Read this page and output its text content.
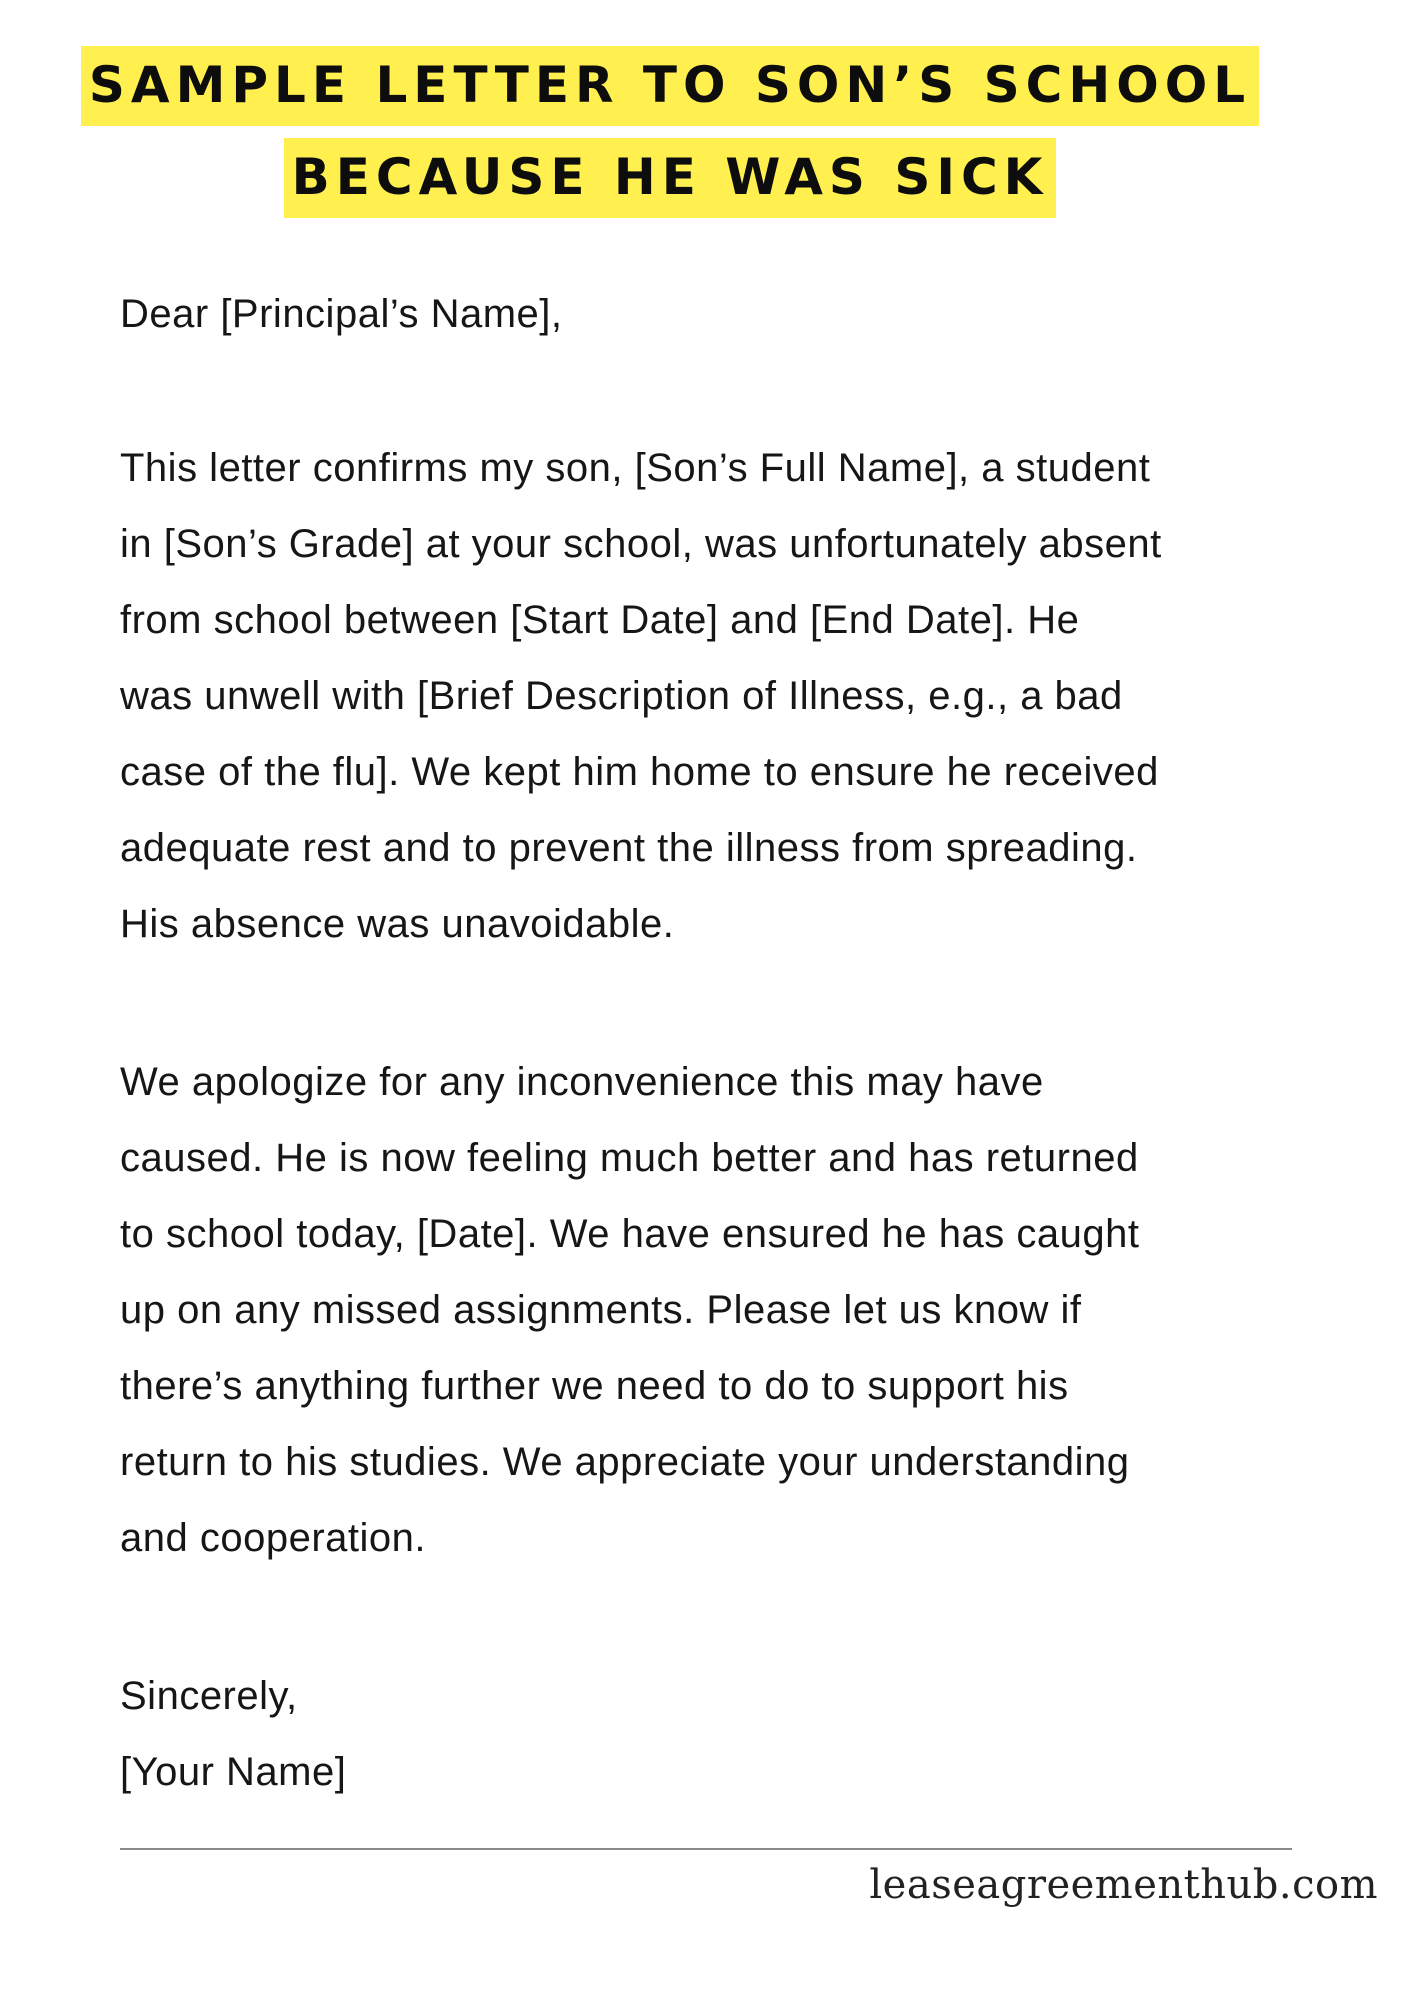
SAMPLE LETTER TO SON’S SCHOOL
BECAUSE HE WAS SICK

Dear [Principal’s Name],

This letter confirms my son, [Son’s Full Name], a student
in [Son’s Grade] at your school, was unfortunately absent
from school between [Start Date] and [End Date]. He
was unwell with [Brief Description of Illness, e.g., a bad
case of the flu]. We kept him home to ensure he received
adequate rest and to prevent the illness from spreading.
His absence was unavoidable.
We apologize for any inconvenience this may have
caused. He is now feeling much better and has returned
to school today, [Date]. We have ensured he has caught
up on any missed assignments. Please let us know if
there’s anything further we need to do to support his
return to his studies. We appreciate your understanding
and cooperation.

Sincerely,

[Your Name]

leaseagreementhub.com
